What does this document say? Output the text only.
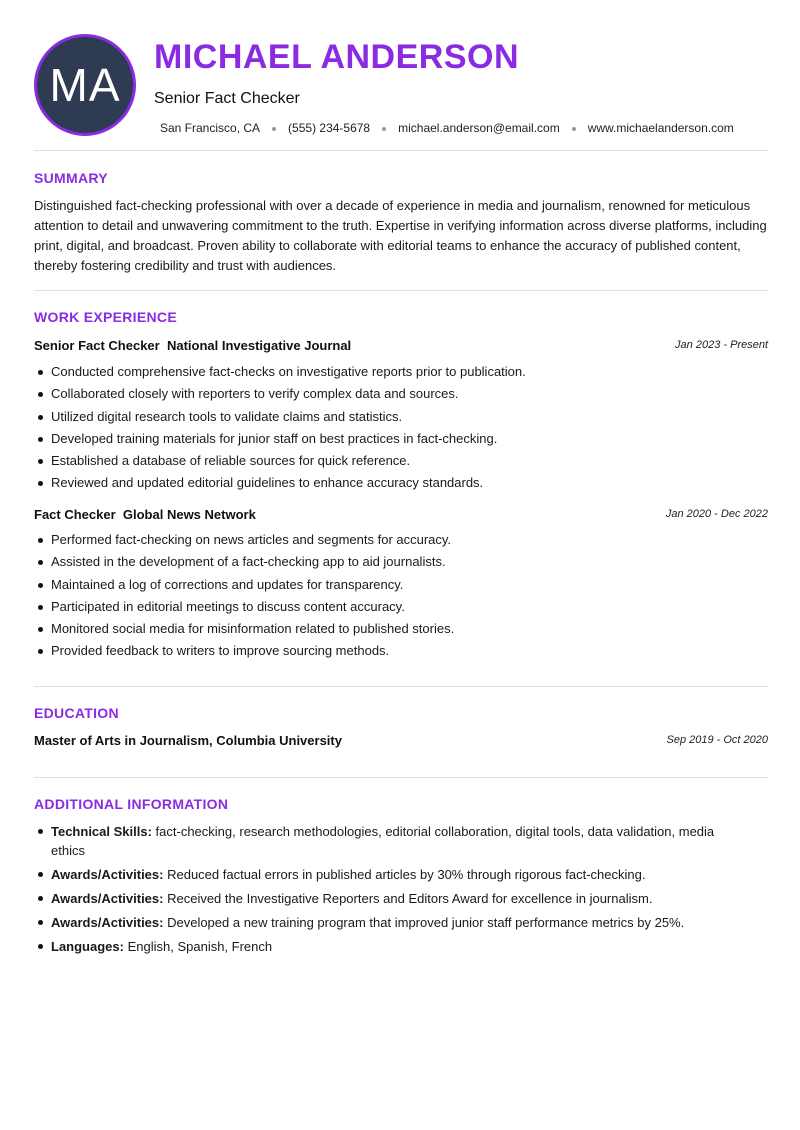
MA
MICHAEL ANDERSON
Senior Fact Checker
San Francisco, CA (555) 234-5678 michael.anderson@email.com www.michaelanderson.com
SUMMARY
Distinguished fact-checking professional with over a decade of experience in media and journalism, renowned for meticulous attention to detail and unwavering commitment to the truth. Expertise in verifying information across diverse platforms, including print, digital, and broadcast. Proven ability to collaborate with editorial teams to enhance the accuracy of published content, thereby fostering credibility and trust with audiences.
WORK EXPERIENCE
Senior Fact Checker National Investigative Journal	Jan 2023 - Present
Conducted comprehensive fact-checks on investigative reports prior to publication.
Collaborated closely with reporters to verify complex data and sources.
Utilized digital research tools to validate claims and statistics.
Developed training materials for junior staff on best practices in fact-checking.
Established a database of reliable sources for quick reference.
Reviewed and updated editorial guidelines to enhance accuracy standards.
Fact Checker Global News Network	Jan 2020 - Dec 2022
Performed fact-checking on news articles and segments for accuracy.
Assisted in the development of a fact-checking app to aid journalists.
Maintained a log of corrections and updates for transparency.
Participated in editorial meetings to discuss content accuracy.
Monitored social media for misinformation related to published stories.
Provided feedback to writers to improve sourcing methods.
EDUCATION
Master of Arts in Journalism, Columbia University	Sep 2019 - Oct 2020
ADDITIONAL INFORMATION
Technical Skills: fact-checking, research methodologies, editorial collaboration, digital tools, data validation, media ethics
Awards/Activities: Reduced factual errors in published articles by 30% through rigorous fact-checking.
Awards/Activities: Received the Investigative Reporters and Editors Award for excellence in journalism.
Awards/Activities: Developed a new training program that improved junior staff performance metrics by 25%.
Languages: English, Spanish, French
